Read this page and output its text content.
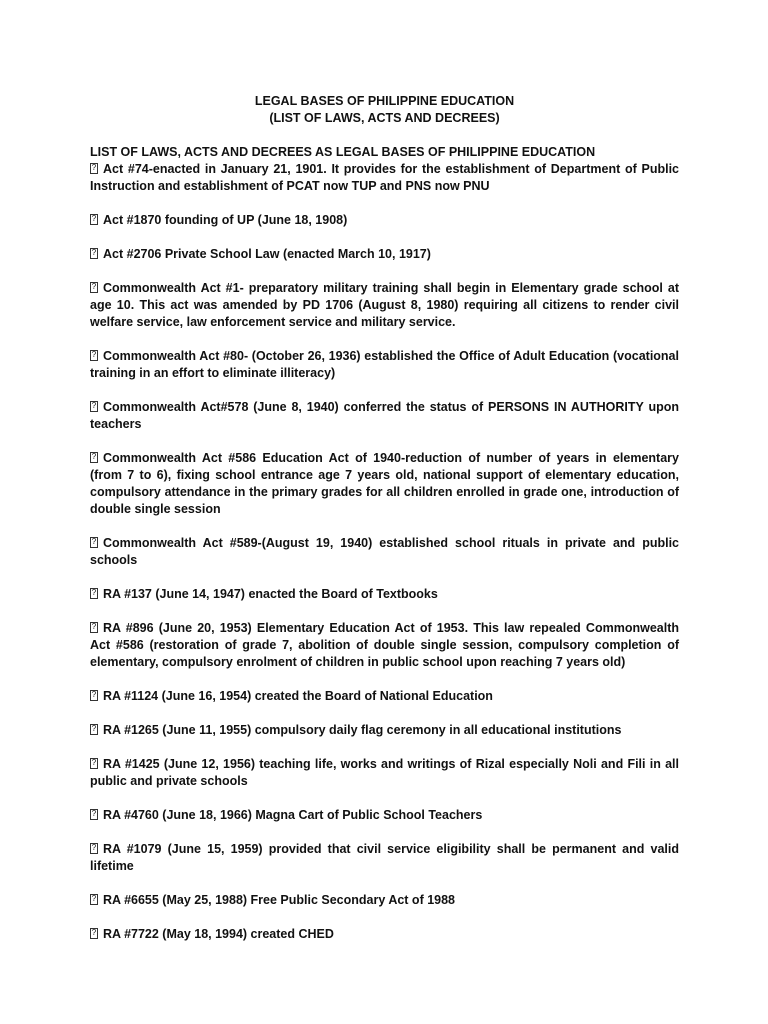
LEGAL BASES OF PHILIPPINE EDUCATION

(LIST OF LAWS, ACTS AND DECREES)

LIST OF LAWS, ACTS AND DECREES AS LEGAL BASES OF PHILIPPINE EDUCATION

?Act #74-enacted in January 21, 1901. It provides for the establishment of Department of Public Instruction and establishment of PCAT now TUP and PNS now PNU

?Act #1870 founding of UP (June 18, 1908)

?Act #2706 Private School Law (enacted March 10, 1917)

?Commonwealth Act #1- preparatory military training shall begin in Elementary grade school at age 10. This act was amended by PD 1706 (August 8, 1980) requiring all citizens to render civil welfare service, law enforcement service and military service.

?Commonwealth Act #80- (October 26, 1936) established the Office of Adult Education (vocational training in an effort to eliminate illiteracy)

?Commonwealth Act#578 (June 8, 1940) conferred the status of PERSONS IN AUTHORITY upon teachers

?Commonwealth Act #586 Education Act of 1940-reduction of number of years in elementary (from 7 to 6), fixing school entrance age 7 years old, national support of elementary education, compulsory attendance in the primary grades for all children enrolled in grade one, introduction of double single session

?Commonwealth Act #589-(August 19, 1940) established school rituals in private and public schools

?RA #137 (June 14, 1947) enacted the Board of Textbooks

?RA #896 (June 20, 1953) Elementary Education Act of 1953. This law repealed Commonwealth Act #586 (restoration of grade 7, abolition of double single session, compulsory completion of elementary, compulsory enrolment of children in public school upon reaching 7 years old)

?RA #1124 (June 16, 1954) created the Board of National Education

?RA #1265 (June 11, 1955) compulsory daily flag ceremony in all educational institutions

?RA #1425 (June 12, 1956) teaching life, works and writings of Rizal especially Noli and Fili in all public and private schools

?RA #4760 (June 18, 1966) Magna Cart of Public School Teachers

?RA #1079 (June 15, 1959) provided that civil service eligibility shall be permanent and valid lifetime

?RA #6655 (May 25, 1988) Free Public Secondary Act of 1988

?RA #7722 (May 18, 1994) created CHED
